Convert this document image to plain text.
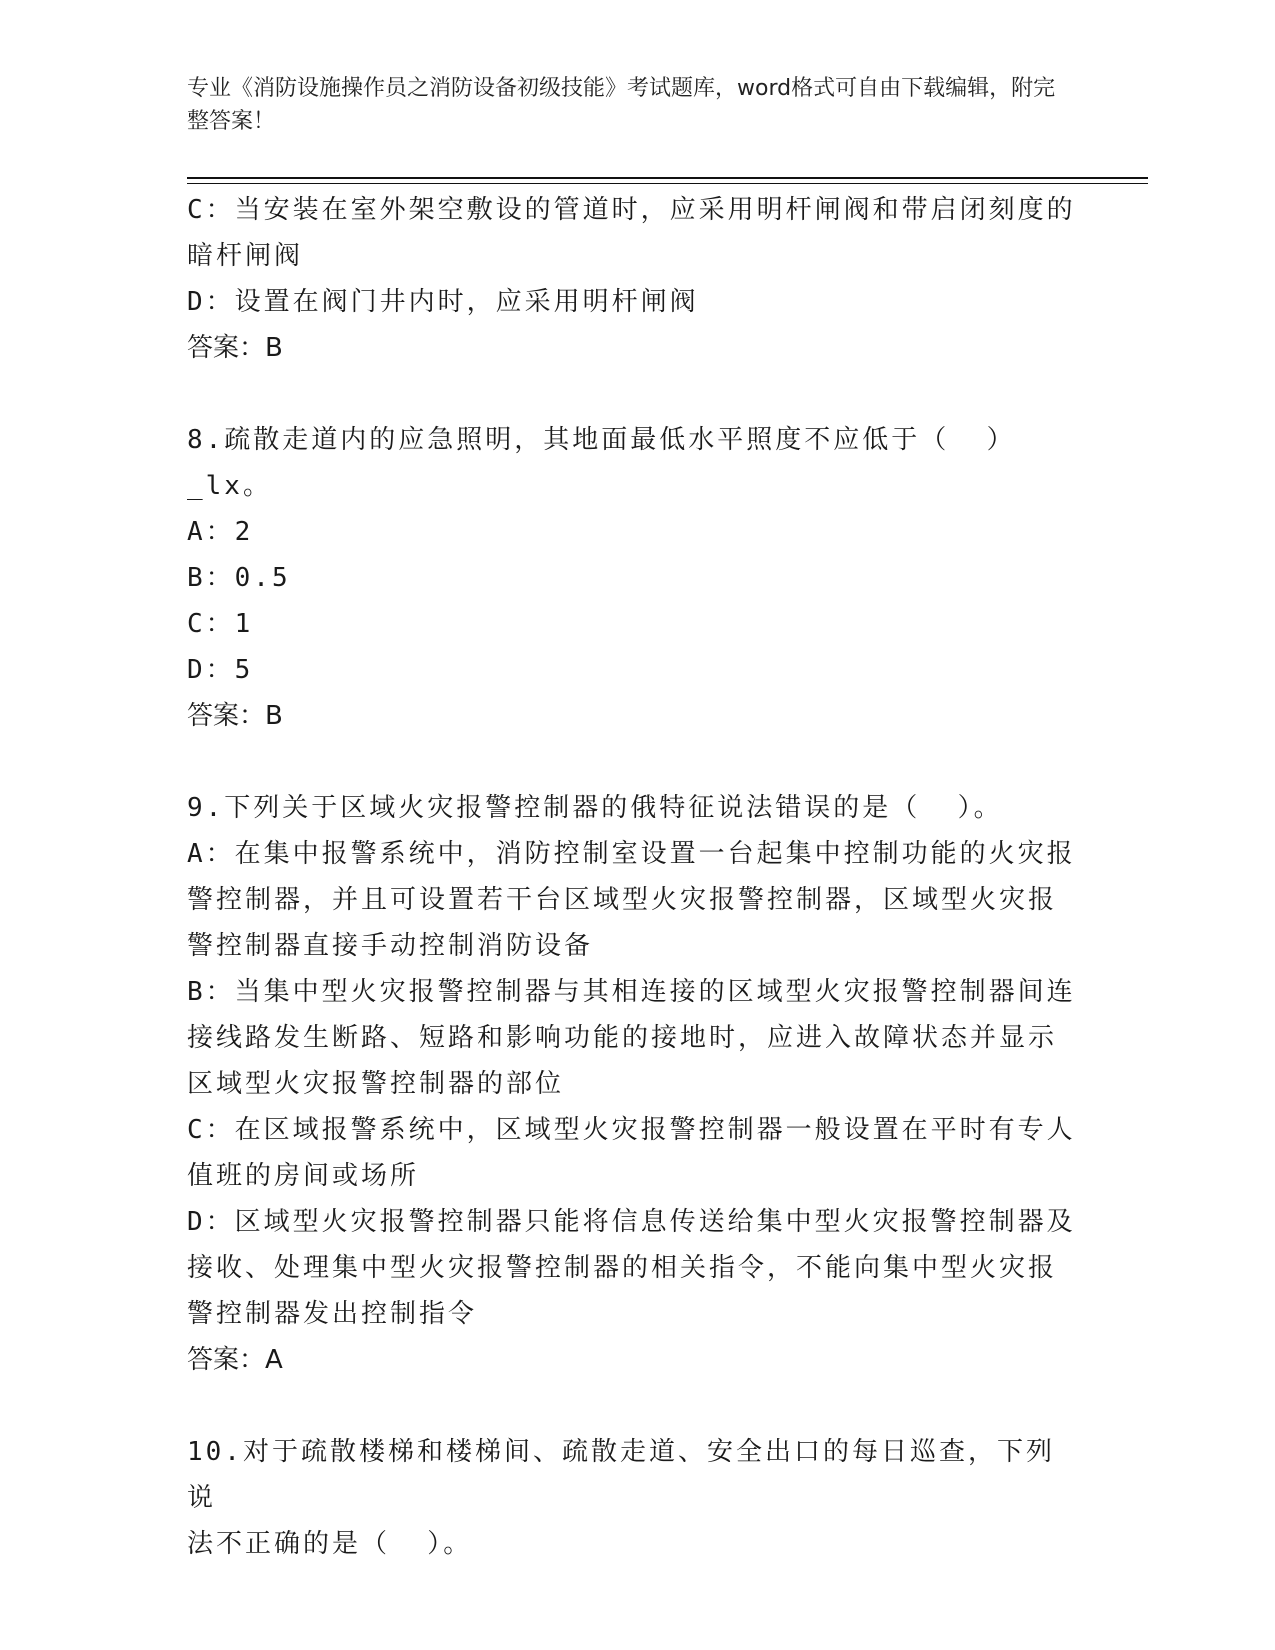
专业《消防设施操作员之消防设备初级技能》考试题库，word格式可自由下载编辑，附完整答案！
C：当安装在室外架空敷设的管道时，应采用明杆闸阀和带启闭刻度的
暗杆闸阀
D：设置在阀门井内时，应采用明杆闸阀
答案：B
8.疏散走道内的应急照明，其地面最低水平照度不应低于（  ）_lx。
A：2
B：0.5
C：1
D：5
答案：B
9.下列关于区域火灾报警控制器的俄特征说法错误的是（  ）。
A：在集中报警系统中，消防控制室设置一台起集中控制功能的火灾报
警控制器，并且可设置若干台区域型火灾报警控制器，区域型火灾报
警控制器直接手动控制消防设备
B：当集中型火灾报警控制器与其相连接的区域型火灾报警控制器间连
接线路发生断路、短路和影响功能的接地时，应进入故障状态并显示
区域型火灾报警控制器的部位
C：在区域报警系统中，区域型火灾报警控制器一般设置在平时有专人
值班的房间或场所
D：区域型火灾报警控制器只能将信息传送给集中型火灾报警控制器及
接收、处理集中型火灾报警控制器的相关指令，不能向集中型火灾报
警控制器发出控制指令
答案：A
10.对于疏散楼梯和楼梯间、疏散走道、安全出口的每日巡查，下列说
法不正确的是（  ）。
